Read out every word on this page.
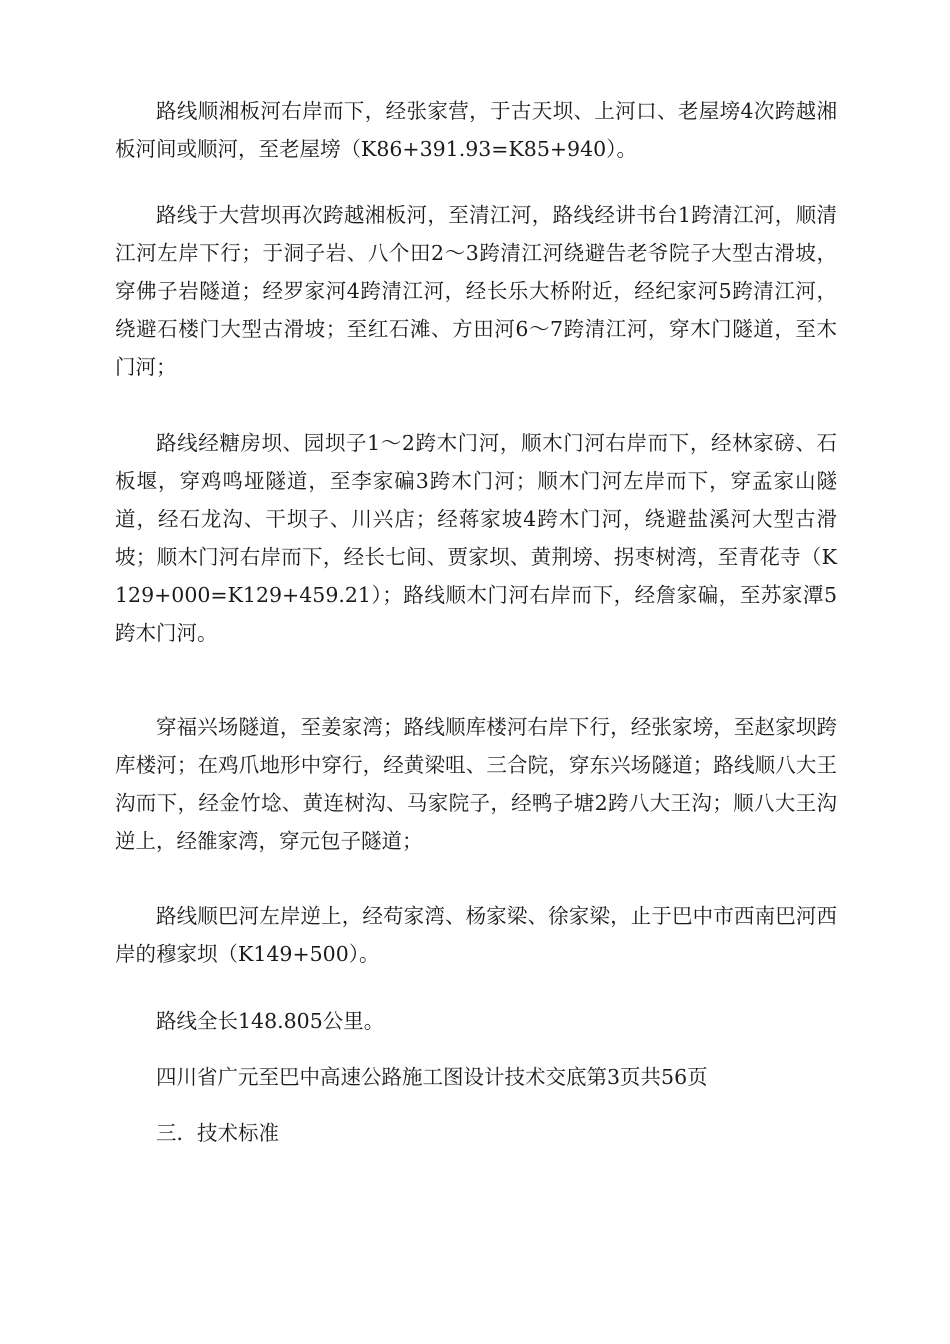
路线顺湘板河右岸而下，经张家营，于古天坝、上河口、老屋塝4次跨越湘板河间或顺河，至老屋塝（K86+391.93=K85+940）。

路线于大营坝再次跨越湘板河，至清江河，路线经讲书台1跨清江河，顺清江河左岸下行；于洞子岩、八个田2～3跨清江河绕避告老爷院子大型古滑坡，穿佛子岩隧道；经罗家河4跨清江河，经长乐大桥附近，经纪家河5跨清江河，绕避石楼门大型古滑坡；至红石滩、方田河6～7跨清江河，穿木门隧道，至木门河；

路线经糖房坝、园坝子1～2跨木门河，顺木门河右岸而下，经林家磅、石板堰，穿鸡鸣垭隧道，至李家碥3跨木门河；顺木门河左岸而下，穿孟家山隧道，经石龙沟、干坝子、川兴店；经蒋家坡4跨木门河，绕避盐溪河大型古滑坡；顺木门河右岸而下，经长七间、贾家坝、黄荆塝、拐枣树湾，至青花寺（K129+000=K129+459.21）；路线顺木门河右岸而下，经詹家碥，至苏家潭5跨木门河。

穿福兴场隧道，至姜家湾；路线顺库楼河右岸下行，经张家塝，至赵家坝跨库楼河；在鸡爪地形中穿行，经黄梁咀、三合院，穿东兴场隧道；路线顺八大王沟而下，经金竹埝、黄连树沟、马家院子，经鸭子塘2跨八大王沟；顺八大王沟逆上，经雒家湾，穿元包子隧道；

路线顺巴河左岸逆上，经苟家湾、杨家梁、徐家梁，止于巴中市西南巴河西岸的穆家坝（K149+500）。

路线全长148.805公里。

四川省广元至巴中高速公路施工图设计技术交底第3页共56页

三．技术标准
